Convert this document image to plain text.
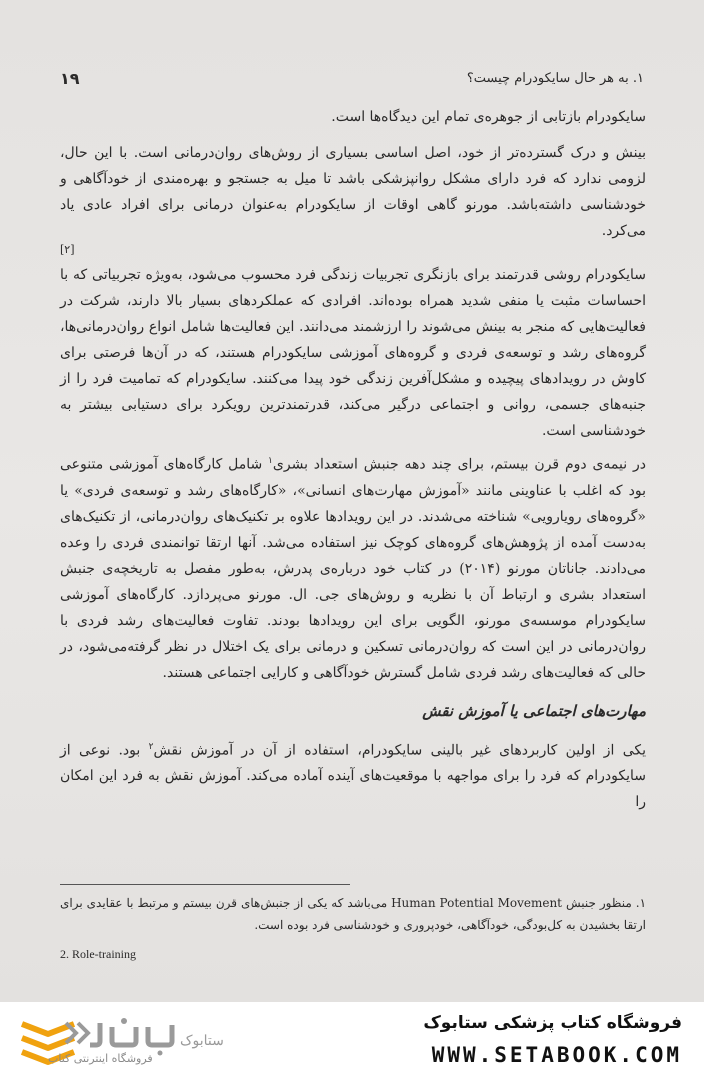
۱۹	۱. به هر حال سایکودرام چیست؟

سایکودرام بازتابی از جوهره‌ی تمام این دیدگاه‌ها است.

بینش و درک گسترده‌تر از خود، اصل اساسی بسیاری از روش‌های روان‌درمانی است. با این حال، لزومی ندارد که فرد دارای مشکل روانپزشکی باشد تا میل به جستجو و بهره‌مندی از خودآگاهی و خودشناسی داشته‌باشد. مورنو گاهی اوقات از سایکودرام به‌عنوان درمانی برای افراد عادی یاد می‌کرد.

[۲]

سایکودرام روشی قدرتمند برای بازنگری تجربیات زندگی فرد محسوب می‌شود، به‌ویژه تجربیاتی که با احساسات مثبت یا منفی شدید همراه بوده‌اند. افرادی که عملکردهای بسیار بالا دارند، شرکت در فعالیت‌هایی که منجر به بینش می‌شوند را ارزشمند می‌دانند. این فعالیت‌ها شامل انواع روان‌درمانی‌ها، گروه‌های رشد و توسعه‌ی فردی و گروه‌های آموزشی سایکودرام هستند، که در آن‌ها فرصتی برای کاوش در رویدادهای پیچیده و مشکل‌آفرین زندگی خود پیدا می‌کنند. سایکودرام که تمامیت فرد را از جنبه‌های جسمی، روانی و اجتماعی درگیر می‌کند، قدرتمندترین رویکرد برای دستیابی بیشتر به خودشناسی است.

در نیمه‌ی دوم قرن بیستم، برای چند دهه جنبش استعداد بشری$^۱$ شامل کارگاه‌های آموزشی متنوعی بود که اغلب با عناوینی مانند «آموزش مهارت‌های انسانی»، «کارگاه‌های رشد و توسعه‌ی فردی» یا «گروه‌های رویارویی» شناخته می‌شدند. در این رویدادها علاوه بر تکنیک‌های روان‌درمانی، از تکنیک‌های به‌دست آمده از پژوهش‌های گروه‌های کوچک نیز استفاده می‌شد. آنها ارتقا توانمندی فردی را وعده می‌دادند. جاناتان مورنو (۲۰۱۴) در کتاب خود درباره‌ی پدرش، به‌طور مفصل به تاریخچه‌ی جنبش استعداد بشری و ارتباط آن با نظریه و روش‌های جی. ال. مورنو می‌پردازد. کارگاه‌های آموزشی سایکودرام موسسه‌ی مورنو، الگویی برای این رویدادها بودند. تفاوت فعالیت‌های رشد فردی با روان‌درمانی در این است که روان‌درمانی تسکین و درمانی برای یک اختلال در نظر گرفته‌می‌شود، در حالی که فعالیت‌های رشد فردی شامل گسترش خودآگاهی و کارایی اجتماعی هستند.

مهارت‌های اجتماعی یا آموزش نقش

یکی از اولین کاربردهای غیر بالینی سایکودرام، استفاده از آن در آموزش نقش$^۲$ بود. نوعی از سایکودرام که فرد را برای مواجهه با موقعیت‌های آینده آماده می‌کند. آموزش نقش به فرد این امکان را

۱. منظور جنبش Human Potential Movement می‌باشد که یکی از جنبش‌های قرن بیستم و مرتبط با عقایدی برای ارتقا بخشیدن به کل‌بودگی، خودآگاهی، خودپروری و خودشناسی فرد بوده است.

2. Role-training

ستابوک
فروشگاه اینترنتی کتاب
فروشگاه کتاب پزشکی ستابوک
WWW.SETABOOK.COM
